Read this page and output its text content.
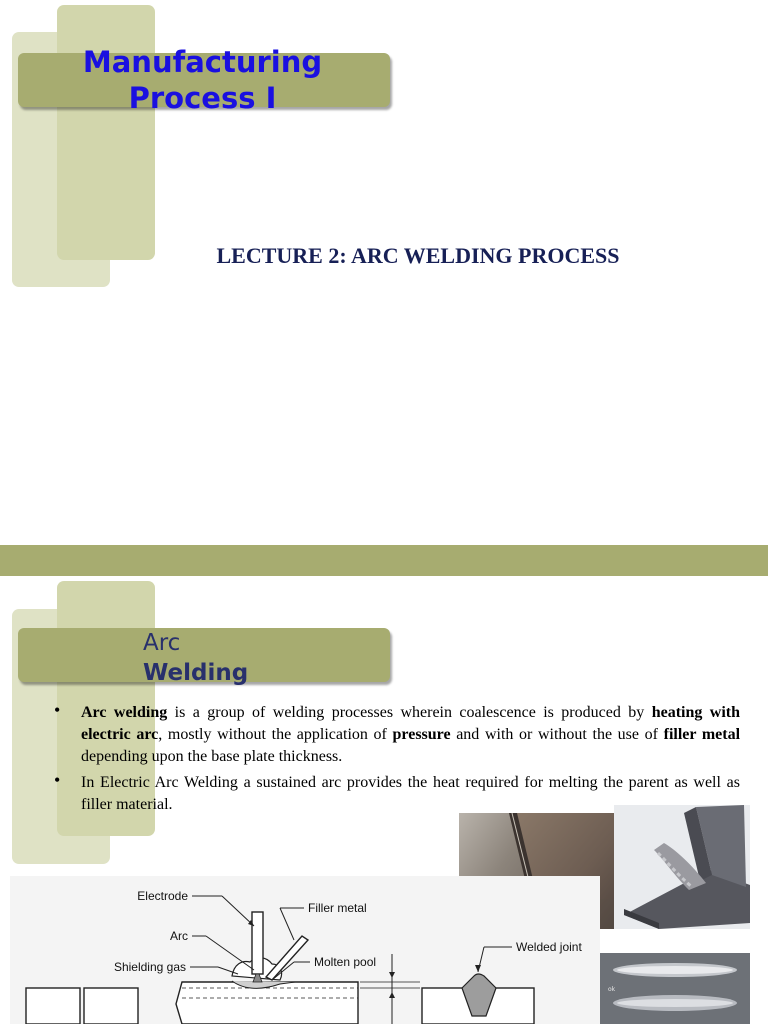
Manufacturing
Process I
LECTURE 2: ARC WELDING PROCESS
Arc
Welding
• Arc welding is a group of welding processes wherein coalescence is produced by heating with electric arc, mostly without the application of pressure and with or without the use of filler metal depending upon the base plate thickness.
• In Electric Arc Welding a sustained arc provides the heat required for melting the parent as well as filler material.
ok
Electrode
Filler metal
Arc
Shielding gas	Molten pool
Welded joint
